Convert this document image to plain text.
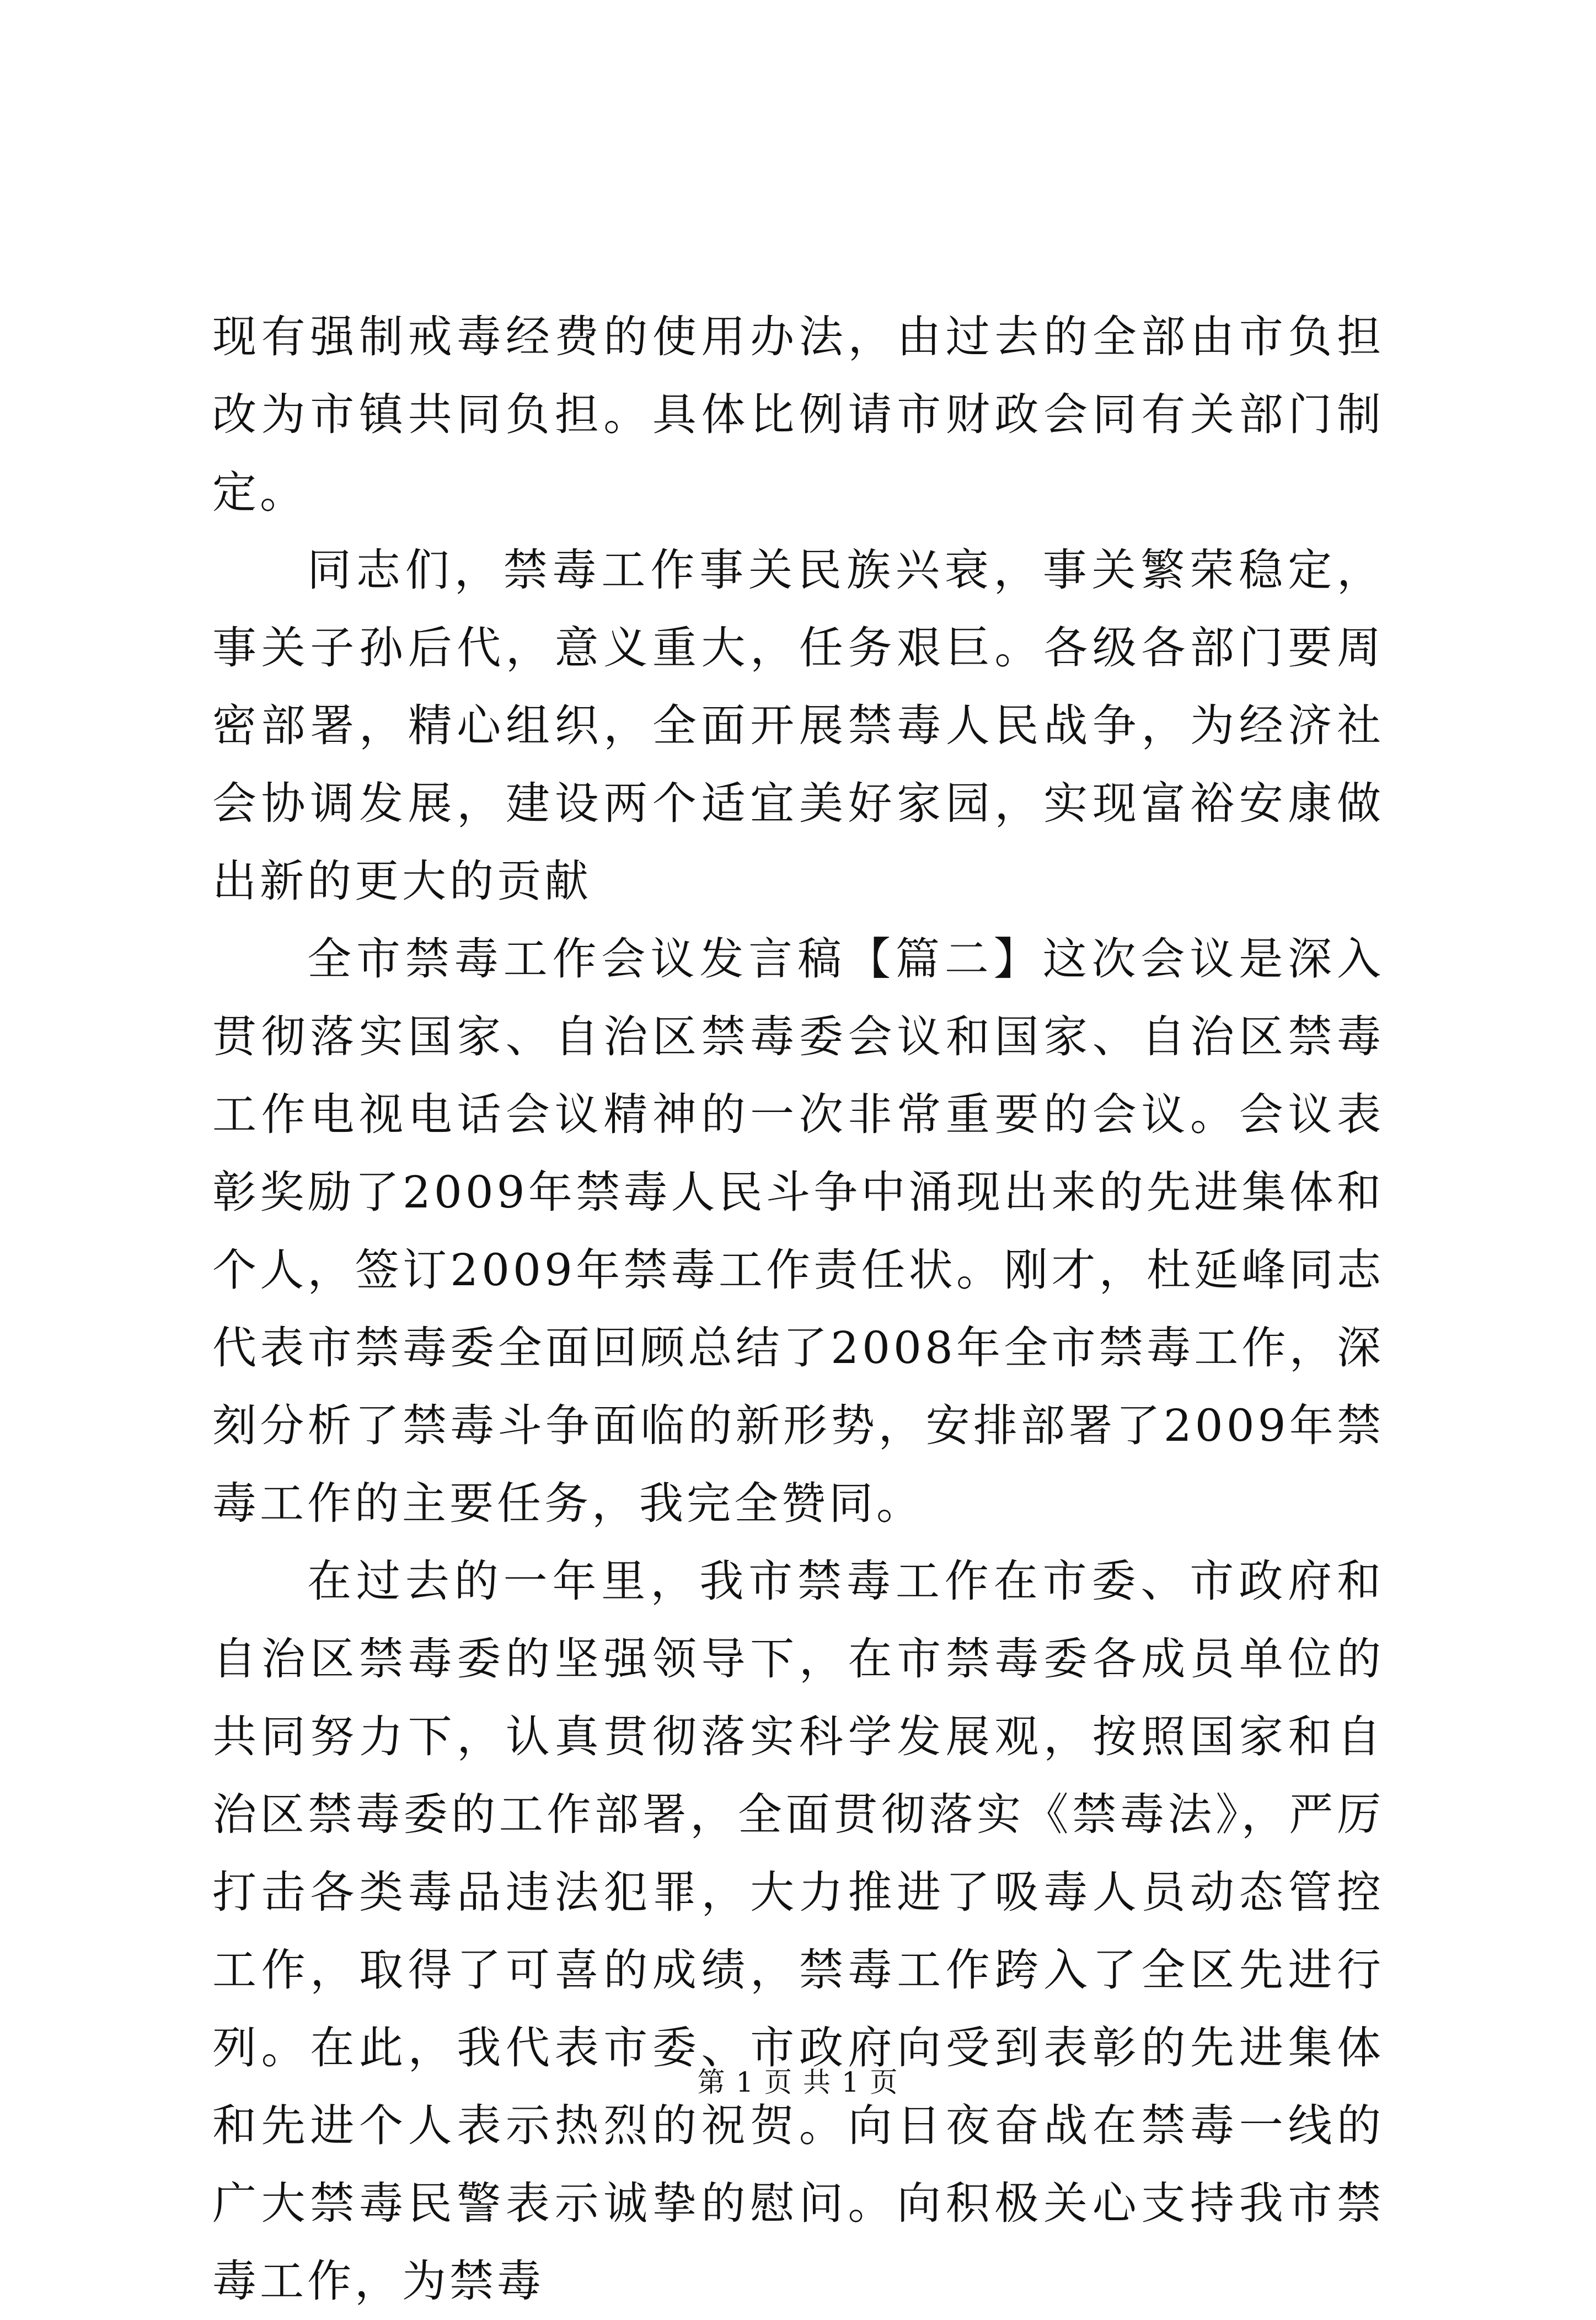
现有强制戒毒经费的使用办法，由过去的全部由市负担改为市镇共同负担。具体比例请市财政会同有关部门制定。

同志们，禁毒工作事关民族兴衰，事关繁荣稳定，事关子孙后代，意义重大，任务艰巨。各级各部门要周密部署，精心组织，全面开展禁毒人民战争，为经济社会协调发展，建设两个适宜美好家园，实现富裕安康做出新的更大的贡献

全市禁毒工作会议发言稿【篇二】这次会议是深入贯彻落实国家、自治区禁毒委会议和国家、自治区禁毒工作电视电话会议精神的一次非常重要的会议。会议表彰奖励了2009年禁毒人民斗争中涌现出来的先进集体和个人，签订2009年禁毒工作责任状。刚才，杜延峰同志代表市禁毒委全面回顾总结了2008年全市禁毒工作，深刻分析了禁毒斗争面临的新形势，安排部署了2009年禁毒工作的主要任务，我完全赞同。

在过去的一年里，我市禁毒工作在市委、市政府和自治区禁毒委的坚强领导下，在市禁毒委各成员单位的共同努力下，认真贯彻落实科学发展观，按照国家和自治区禁毒委的工作部署，全面贯彻落实《禁毒法》，严厉打击各类毒品违法犯罪，大力推进了吸毒人员动态管控工作，取得了可喜的成绩，禁毒工作跨入了全区先进行列。在此，我代表市委、市政府向受到表彰的先进集体和先进个人表示热烈的祝贺。向日夜奋战在禁毒一线的广大禁毒民警表示诚挚的慰问。向积极关心支持我市禁毒工作，为禁毒

第 1 页 共 1 页
